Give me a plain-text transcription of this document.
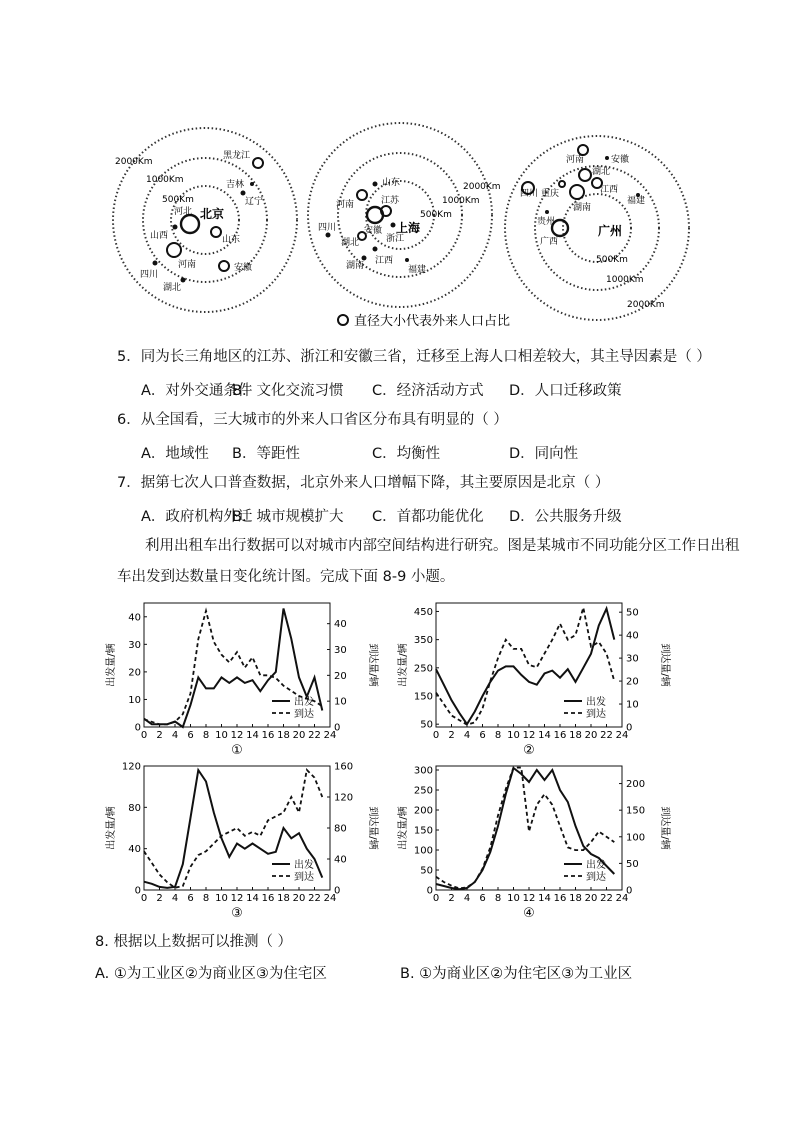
2000Km
1000Km
500Km
北京
河北
山西	山东
河南	安徽
四川
湖北
黑龙江
吉林
辽宁
2000Km
1000Km
500Km
上海
山东
河南	江苏
安徽
浙江
四川
湖北
江西
湖南	福建
2000Km
1000Km
500Km
广州
河南	安徽
湖北
四川 重庆	江西
福建
湖南
贵州
广西
直径大小代表外来人口占比
5．同为长三角地区的江苏、浙江和安徽三省，迁移至上海人口相差较大，其主导因素是（ ）
A．对外交通条件
B．文化交流习惯 C．经济活动方式 D．人口迁移政策
6．从全国看，三大城市的外来人口省区分布具有明显的（ ）
A．地域性 B．等距性	C．均衡性	D．同向性
7．据第七次人口普查数据，北京外来人口增幅下降，其主要原因是北京（ ）
A．政府机构外迁
B．城市规模扩大 C．首都功能优化 D．公共服务升级
利用出租车出行数据可以对城市内部空间结构进行研究。图是某城市不同功能分区工作日出租
车出发到达数量日变化统计图。完成下面 8-9 小题。
0 2 4 6 8 10 12 14 16 18 20 22 24
0
10
20
30
40
0
10
20
30
40
出发量/辆	到达量/辆
出发
到达
①
0 2 4 6 8 10 12 14 16 18 20 22 24
50
150
250
350
450
0
10
20
30
40
50
出发量/辆	到达量/辆
出发
到达
②
0 2 4 6 8 10 12 14 16 18 20 22 24
0
40
80
120
0
40
80
120
160
出发量/辆	到达量/辆
出发
到达
③
0 2 4 6 8 10 12 14 16 18 20 22 24
0
50
100
150
200
250
300
0
50
100
150
200
出发量/辆	到达量/辆
出发
到达
④
8. 根据以上数据可以推测（ ）
A. ①为工业区②为商业区③为住宅区	B. ①为商业区②为住宅区③为工业区
